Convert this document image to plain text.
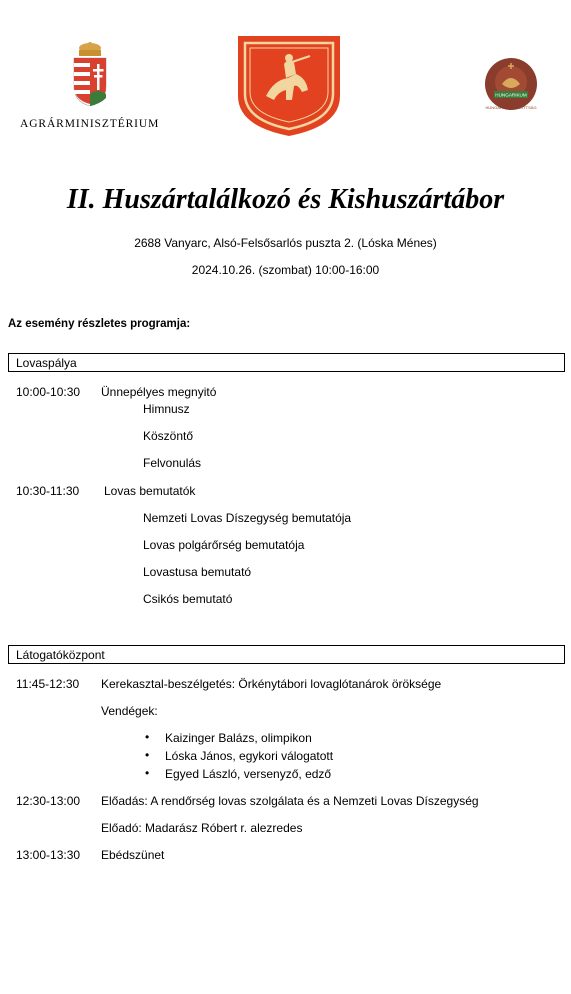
AGRÁRMINISZTÉRIUM
HUNGARIKUM
HUNGARIKUM BIZOTTSÁG
II. Huszártalálkozó és Kishuszártábor
2688 Vanyarc, Alsó-Felsősarlós puszta 2. (Lóska Ménes)
2024.10.26. (szombat) 10:00-16:00
Az esemény részletes programja:
Lovaspálya
10:00-10:30 Ünnepélyes megnyitó
Himnusz
Köszöntő
Felvonulás
10:30-11:30 Lovas bemutatók
Nemzeti Lovas Díszegység bemutatója
Lovas polgárőrség bemutatója
Lovastusa bemutató
Csikós bemutató
Látogatóközpont
11:45-12:30 Kerekasztal-beszélgetés: Örkénytábori lovaglótanárok öröksége
Vendégek:
• Kaizinger Balázs, olimpikon
• Lóska János, egykori válogatott
• Egyed László, versenyző, edző
12:30-13:00 Előadás: A rendőrség lovas szolgálata és a Nemzeti Lovas Díszegység
Előadó: Madarász Róbert r. alezredes
13:00-13:30 Ebédszünet
